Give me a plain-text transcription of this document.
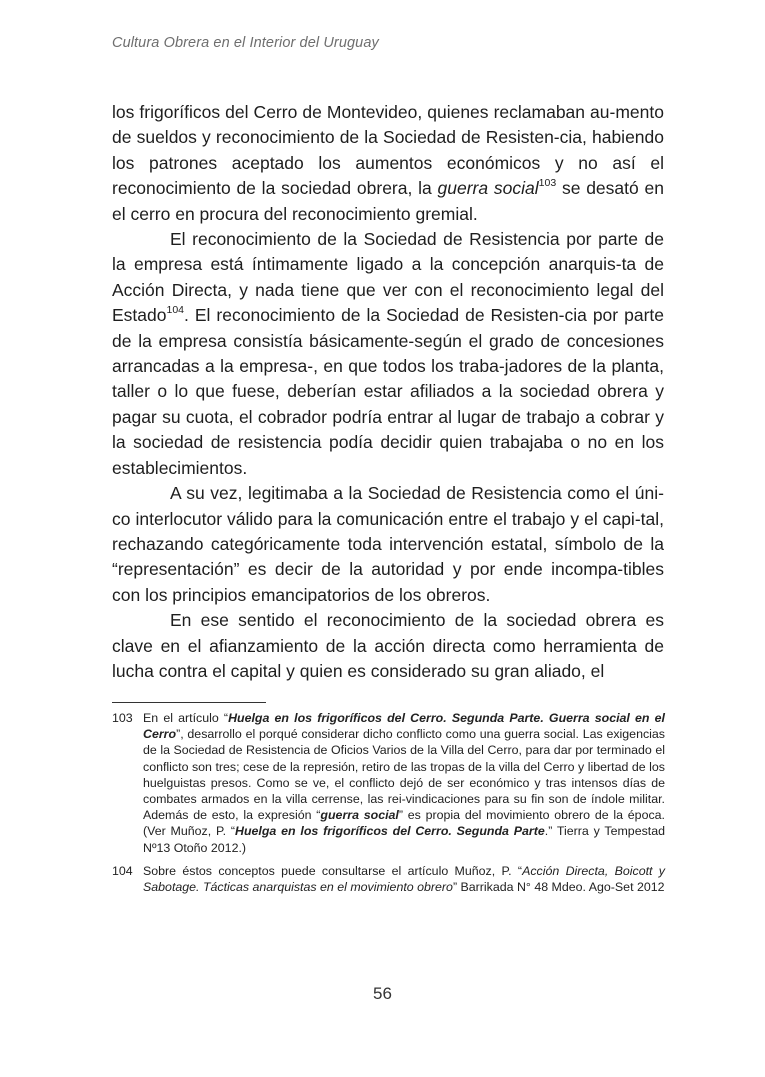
Cultura Obrera en el Interior del Uruguay

los frigoríficos del Cerro de Montevideo, quienes reclamaban au-mento de sueldos y reconocimiento de la Sociedad de Resisten-cia, habiendo los patrones aceptado los aumentos económicos y no así el reconocimiento de la sociedad obrera, la guerra social$^{103}$ se desató en el cerro en procura del reconocimiento gremial.

El reconocimiento de la Sociedad de Resistencia por parte de la empresa está íntimamente ligado a la concepción anarquis-ta de Acción Directa, y nada tiene que ver con el reconocimiento legal del Estado$^{104}$. El reconocimiento de la Sociedad de Resisten-cia por parte de la empresa consistía básicamente-según el grado de concesiones arrancadas a la empresa-, en que todos los traba-jadores de la planta, taller o lo que fuese, deberían estar afiliados a la sociedad obrera y pagar su cuota, el cobrador podría entrar al lugar de trabajo a cobrar y la sociedad de resistencia podía decidir quien trabajaba o no en los establecimientos.

A su vez, legitimaba a la Sociedad de Resistencia como el úni-co interlocutor válido para la comunicación entre el trabajo y el capi-tal, rechazando categóricamente toda intervención estatal, símbolo de la “representación” es decir de la autoridad y por ende incompa-tibles con los principios emancipatorios de los obreros.

En ese sentido el reconocimiento de la sociedad obrera es clave en el afianzamiento de la acción directa como herramienta de lucha contra el capital y quien es considerado su gran aliado, el

103 En el artículo “Huelga en los frigoríficos del Cerro. Segunda Parte. Guerra social en el Cerro”, desarrollo el porqué considerar dicho conflicto como una guerra social. Las exigencias de la Sociedad de Resistencia de Oficios Varios de la Villa del Cerro, para dar por terminado el conflicto son tres; cese de la represión, retiro de las tropas de la villa del Cerro y libertad de los huelguistas presos. Como se ve, el conflicto dejó de ser económico y tras intensos días de combates armados en la villa cerrense, las rei-vindicaciones para su fin son de índole militar. Además de esto, la expresión “guerra social” es propia del movimiento obrero de la época. (Ver Muñoz, P. “Huelga en los frigoríficos del Cerro. Segunda Parte.” Tierra y Tempestad Nº13 Otoño 2012.)
104 Sobre éstos conceptos puede consultarse el artículo Muñoz, P. “Acción Directa, Boicott y Sabotage. Tácticas anarquistas en el movimiento obrero” Barrikada N° 48 Mdeo. Ago-Set 2012
56
